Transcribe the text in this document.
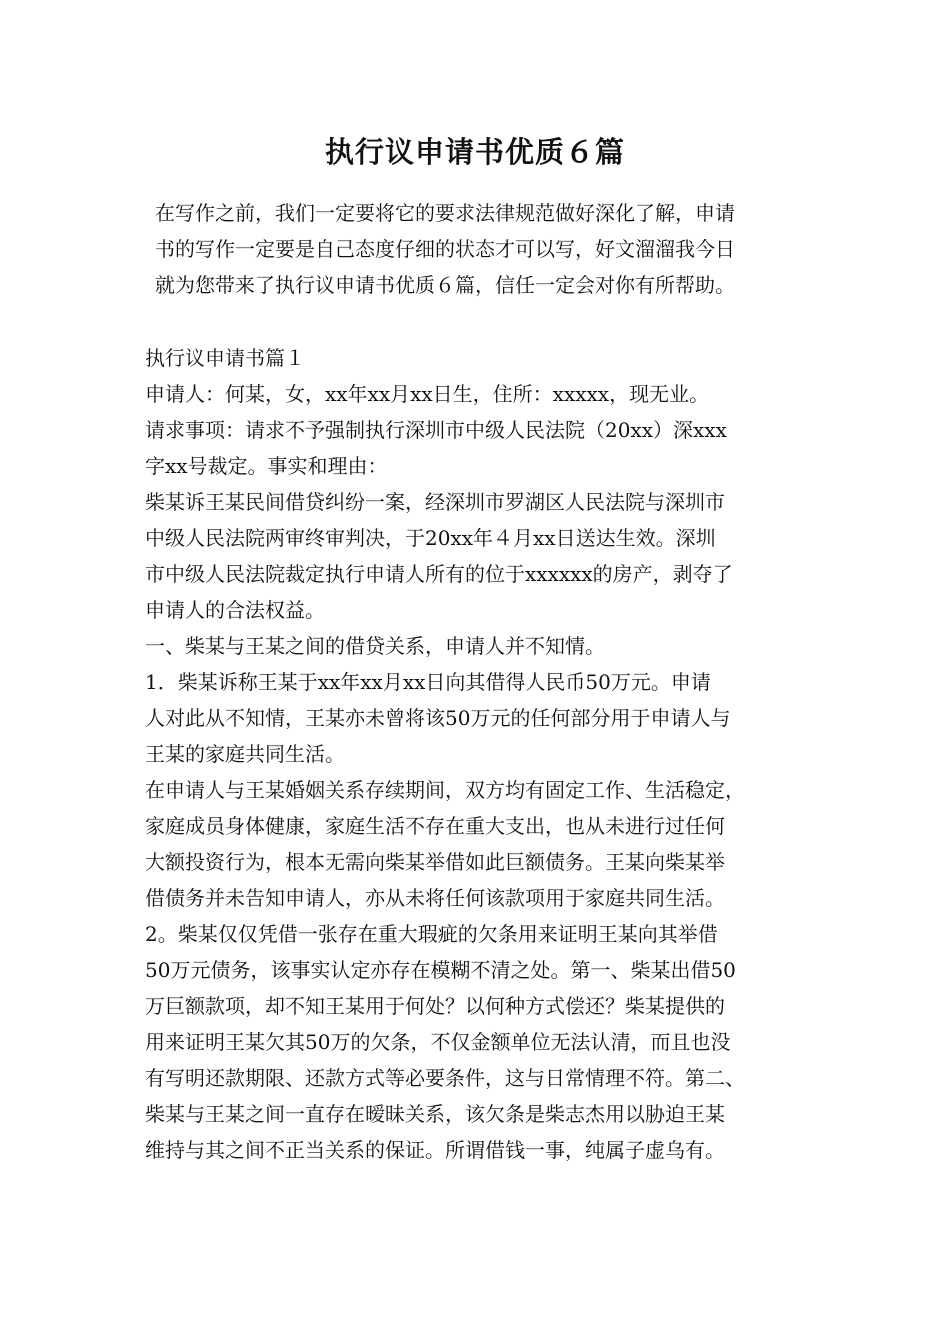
执行议申请书优质６篇
在写作之前，我们一定要将它的要求法律规范做好深化了解，申请
书的写作一定要是自己态度仔细的状态才可以写，好文溜溜我今日
就为您带来了执行议申请书优质６篇，信任一定会对你有所帮助。
执行议申请书篇１
申请人：何某，女，xx年xx月xx日生，住所：xxxxx，现无业。
请求事项：请求不予强制执行深圳市中级人民法院（20xx）深xxx
字xx号裁定。事实和理由：
柴某诉王某民间借贷纠纷一案，经深圳市罗湖区人民法院与深圳市
中级人民法院两审终审判决，于20xx年４月xx日送达生效。深圳
市中级人民法院裁定执行申请人所有的位于xxxxxx的房产，剥夺了
申请人的合法权益。
一、柴某与王某之间的借贷关系，申请人并不知情。
1．柴某诉称王某于xx年xx月xx日向其借得人民币50万元。申请
人对此从不知情，王某亦未曾将该50万元的任何部分用于申请人与
王某的家庭共同生活。
在申请人与王某婚姻关系存续期间，双方均有固定工作、生活稳定，
家庭成员身体健康，家庭生活不存在重大支出，也从未进行过任何
大额投资行为，根本无需向柴某举借如此巨额债务。王某向柴某举
借债务并未告知申请人，亦从未将任何该款项用于家庭共同生活。
2。柴某仅仅凭借一张存在重大瑕疵的欠条用来证明王某向其举借
50万元债务，该事实认定亦存在模糊不清之处。第一、柴某出借50
万巨额款项，却不知王某用于何处？以何种方式偿还？柴某提供的
用来证明王某欠其50万的欠条，不仅金额单位无法认清，而且也没
有写明还款期限、还款方式等必要条件，这与日常情理不符。第二、
柴某与王某之间一直存在暧昧关系，该欠条是柴志杰用以胁迫王某
维持与其之间不正当关系的保证。所谓借钱一事，纯属子虚乌有。
